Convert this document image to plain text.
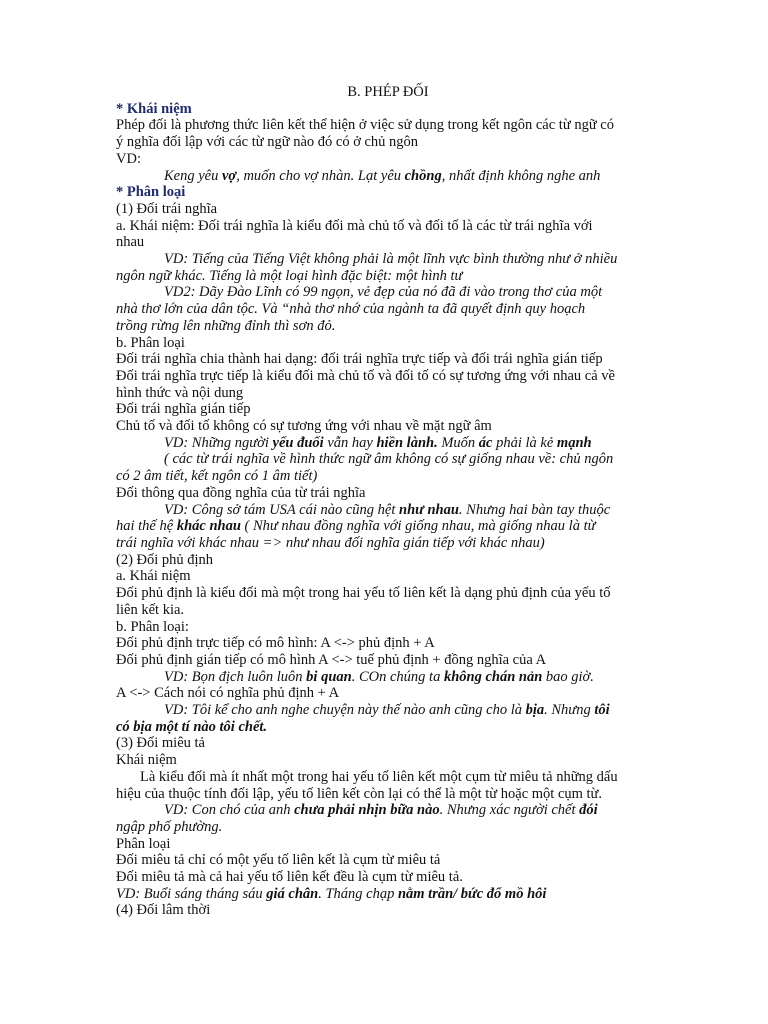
B. PHÉP ĐỐI

* Khái niệm

Phép đối là phương thức liên kết thể hiện ở việc sử dụng trong kết ngôn các từ ngữ có

ý nghĩa đối lập với các từ ngữ nào đó có ở chủ ngôn

VD:

Keng yêu vợ, muốn cho vợ nhàn. Lạt yêu chồng, nhất định không nghe anh

* Phân loại

(1) Đối trái nghĩa

a. Khái niệm: Đối trái nghĩa là kiểu đối mà chủ tố và đối tố là các từ trái nghĩa với

nhau

VD: Tiếng của Tiếng Việt không phải là một lĩnh vực bình thường như ở nhiều

ngôn ngữ khác. Tiếng là một loại hình đặc biệt: một hình tư

VD2: Dãy Đào Lĩnh có 99 ngọn, vẻ đẹp của nó đã đi vào trong thơ của một

nhà thơ lớn của dân tộc. Và “nhà thơ nhớ của ngành ta đã quyết định quy hoạch

trồng rừng lên những đỉnh thì sơn đỏ.

b. Phân loại

Đối trái nghĩa chia thành hai dạng: đối trái nghĩa trực tiếp và đối trái nghĩa gián tiếp

Đối trái nghĩa trực tiếp là kiểu đối mà chủ tố và đối tố có sự tương ứng với nhau cả về

hình thức và nội dung

Đối trái nghĩa gián tiếp

Chủ tố và đối tố không có sự tương ứng với nhau về mặt ngữ âm

VD: Những người yếu đuối vẫn hay hiền lành. Muốn ác phải là kẻ mạnh

( các từ trái nghĩa về hình thức ngữ âm không có sự giống nhau về: chủ ngôn

có 2 âm tiết, kết ngôn có 1 âm tiết)

Đối thông qua đồng nghĩa của từ trái nghĩa

VD: Công sở tám USA cái nào cũng hệt như nhau. Nhưng hai bàn tay thuộc

hai thế hệ khác nhau ( Như nhau đồng nghĩa với giống nhau, mà giống nhau là từ

trái nghĩa với khác nhau => như nhau đối nghĩa gián tiếp với khác nhau)

(2) Đối phủ định

a. Khái niệm

Đối phủ định là kiểu đối mà một trong hai yếu tố liên kết là dạng phủ định của yếu tố

liên kết kia.

b. Phân loại:

Đối phủ định trực tiếp có mô hình: A <-> phủ định + A

Đối phủ định gián tiếp có mô hình A <-> tuế phủ định + đồng nghĩa của A

VD: Bọn địch luôn luôn bi quan. COn chúng ta không chán nản bao giờ.

A <-> Cách nói có nghĩa phủ định + A

VD: Tôi kể cho anh nghe chuyện này thế nào anh cũng cho là bịa. Nhưng tôi

có bịa một tí nào tôi chết.

(3) Đối miêu tả

Khái niệm

Là kiểu đối mà ít nhất một trong hai yếu tố liên kết một cụm từ miêu tả những dấu

hiệu của thuộc tính đối lập, yếu tố liên kết còn lại có thể là một từ hoặc một cụm từ.

VD: Con chó của anh chưa phải nhịn bữa nào. Nhưng xác người chết đói

ngập phố phường.

Phân loại

Đối miêu tả chỉ có một yếu tố liên kết là cụm từ miêu tả

Đối miêu tả mà cả hai yếu tố liên kết đều là cụm từ miêu tả.

VD: Buổi sáng tháng sáu giá chân. Tháng chạp nằm trần/ bức đổ mồ hôi

(4) Đối lâm thời
